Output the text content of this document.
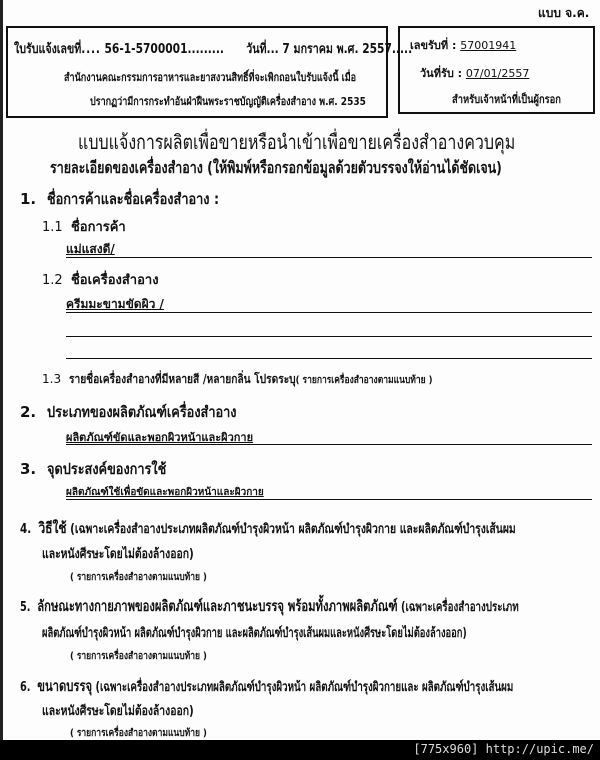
แบบ จ.ค.
ใบรับแจ้งเลขที่.... 56-1-5700001......... วันที่... 7 มกราคม พ.ศ. 2557.....
สำนักงานคณะกรรมการอาหารและยาสงวนสิทธิ์ที่จะเพิกถอนใบรับแจ้งนี้ เมื่อ
ปรากฏว่ามีการกระทำอันฝ่าฝืนพระราชบัญญัติเครื่องสำอาง พ.ศ. 2535
เลขรับที่ : 57001941
วันที่รับ : 07/01/2557
สำหรับเจ้าหน้าที่เป็นผู้กรอก
แบบแจ้งการผลิตเพื่อขายหรือนำเข้าเพื่อขายเครื่องสำอางควบคุม
รายละเอียดของเครื่องสำอาง (ให้พิมพ์หรือกรอกข้อมูลด้วยตัวบรรจงให้อ่านได้ชัดเจน)
1. ชื่อการค้าและชื่อเครื่องสำอาง :
1.1 ชื่อการค้า
แม่แสงดี/
1.2 ชื่อเครื่องสำอาง
ครีมมะขามขัดผิว /
1.3 รายชื่อเครื่องสำอางที่มีหลายสี /หลายกลิ่น โปรดระบุ( รายการเครื่องสำอางตามแนบท้าย )
2. ประเภทของผลิตภัณฑ์เครื่องสำอาง
ผลิตภัณฑ์ขัดและพอกผิวหน้าและผิวกาย
3. จุดประสงค์ของการใช้
ผลิตภัณฑ์ใช้เพื่อขัดและพอกผิวหน้าและผิวกาย
4. วิธีใช้ (เฉพาะเครื่องสำอางประเภทผลิตภัณฑ์บำรุงผิวหน้า ผลิตภัณฑ์บำรุงผิวกาย และผลิตภัณฑ์บำรุงเส้นผม
และหนังศีรษะโดยไม่ต้องล้างออก)
( รายการเครื่องสำอางตามแนบท้าย )
5. ลักษณะทางกายภาพของผลิตภัณฑ์และภาชนะบรรจุ พร้อมทั้งภาพผลิตภัณฑ์ (เฉพาะเครื่องสำอางประเภท
ผลิตภัณฑ์บำรุงผิวหน้า ผลิตภัณฑ์บำรุงผิวกาย และผลิตภัณฑ์บำรุงเส้นผมและหนังศีรษะโดยไม่ต้องล้างออก)
( รายการเครื่องสำอางตามแนบท้าย )
6. ขนาดบรรจุ (เฉพาะเครื่องสำอางประเภทผลิตภัณฑ์บำรุงผิวหน้า ผลิตภัณฑ์บำรุงผิวกายและ ผลิตภัณฑ์บำรุงเส้นผม
และหนังศีรษะโดยไม่ต้องล้างออก)
( รายการเครื่องสำอางตามแนบท้าย )
[775x960] http://upic.me/
